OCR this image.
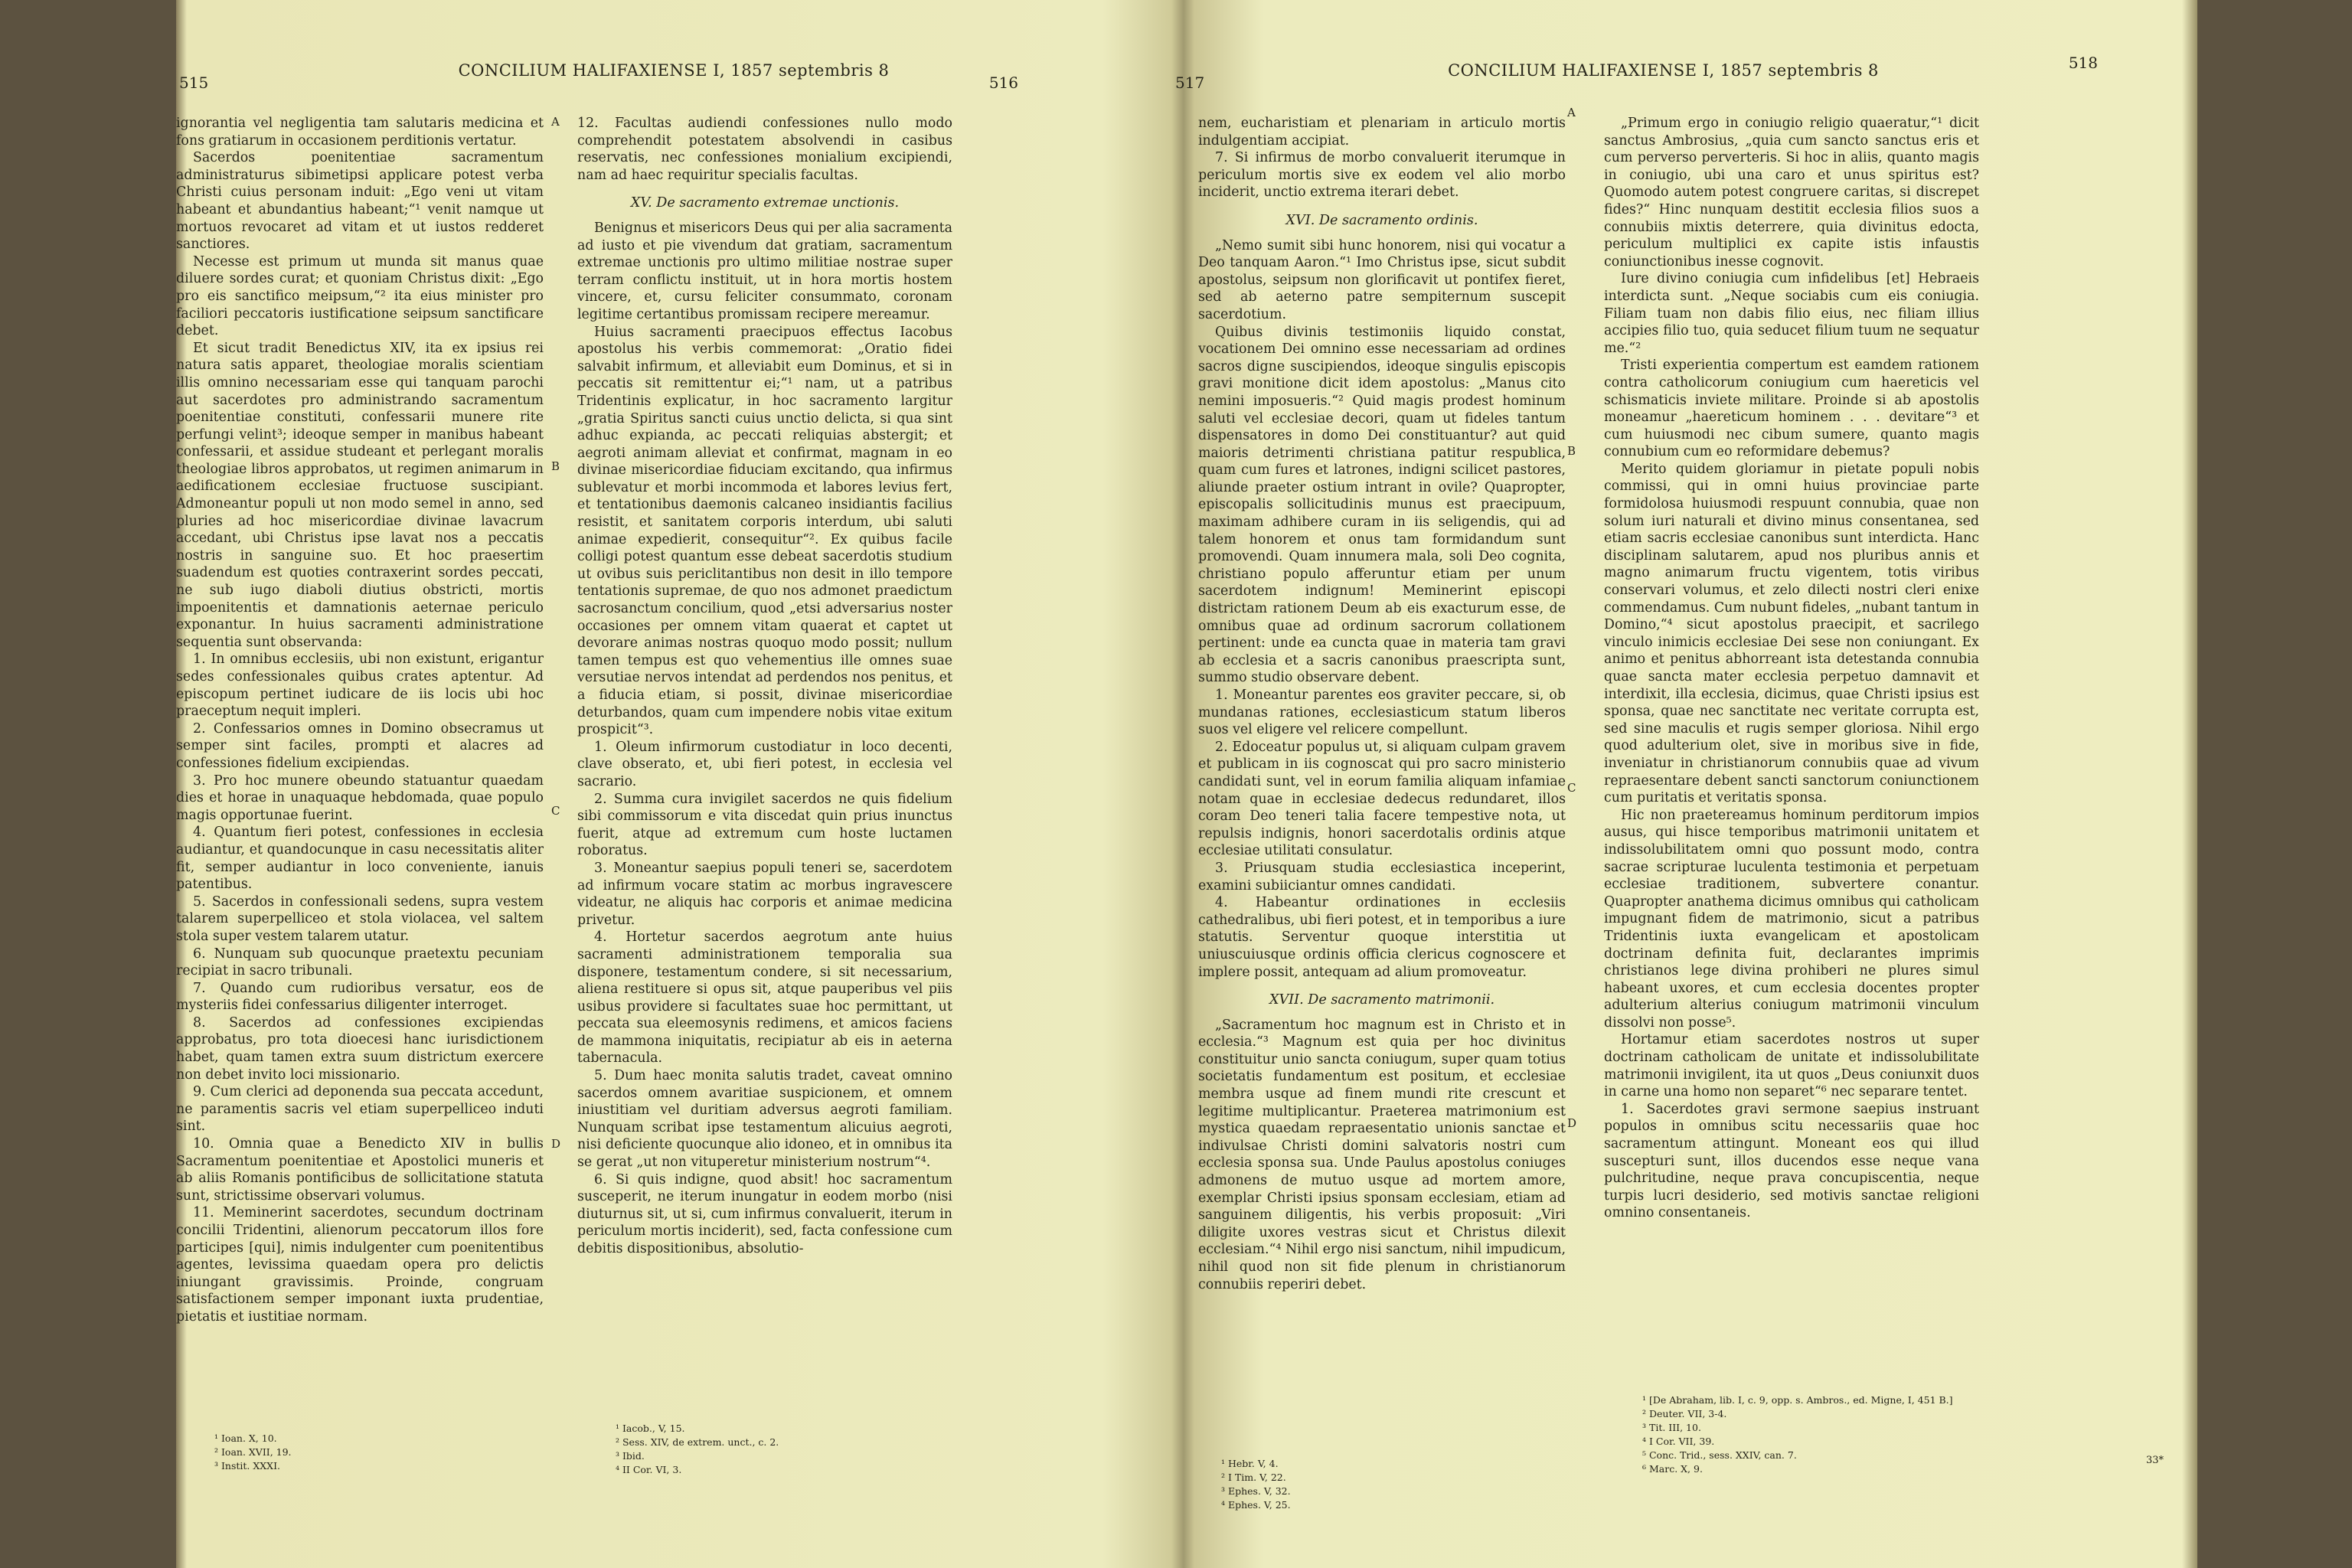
515
CONCILIUM HALIFAXIENSE I, 1857 septembris 8
516

ignorantia vel negligentia tam salutaris medicina et fons gratiarum in occasionem perditionis vertatur.

Sacerdos poenitentiae sacramentum administraturus sibimetipsi applicare potest verba Christi cuius personam induit: „Ego veni ut vitam habeant et abundantius habeant;“¹ venit namque ut mortuos revocaret ad vitam et ut iustos redderet sanctiores.

Necesse est primum ut munda sit manus quae diluere sordes curat; et quoniam Christus dixit: „Ego pro eis sanctifico meipsum,“² ita eius minister pro faciliori peccatoris iustificatione seipsum sanctificare debet.

Et sicut tradit Benedictus XIV, ita ex ipsius rei natura satis apparet, theologiae moralis scientiam illis omnino necessariam esse qui tanquam parochi aut sacerdotes pro administrando sacramentum poenitentiae constituti, confessarii munere rite perfungi velint³; ideoque semper in manibus habeant confessarii, et assidue studeant et perlegant moralis theologiae libros approbatos, ut regimen animarum in aedificationem ecclesiae fructuose suscipiant. Admoneantur populi ut non modo semel in anno, sed pluries ad hoc misericordiae divinae lavacrum accedant, ubi Christus ipse lavat nos a peccatis nostris in sanguine suo. Et hoc praesertim suadendum est quoties contraxerint sordes peccati, ne sub iugo diaboli diutius obstricti, mortis impoenitentis et damnationis aeternae periculo exponantur. In huius sacramenti administratione sequentia sunt observanda:

1. In omnibus ecclesiis, ubi non existunt, erigantur sedes confessionales quibus crates aptentur. Ad episcopum pertinet iudicare de iis locis ubi hoc praeceptum nequit impleri.

2. Confessarios omnes in Domino obsecramus ut semper sint faciles, prompti et alacres ad confessiones fidelium excipiendas.

3. Pro hoc munere obeundo statuantur quaedam dies et horae in unaquaque hebdomada, quae populo magis opportunae fuerint.

4. Quantum fieri potest, confessiones in ecclesia audiantur, et quandocunque in casu necessitatis aliter fit, semper audiantur in loco conveniente, ianuis patentibus.

5. Sacerdos in confessionali sedens, supra vestem talarem superpelliceo et stola violacea, vel saltem stola super vestem talarem utatur.

6. Nunquam sub quocunque praetextu pecuniam recipiat in sacro tribunali.

7. Quando cum rudioribus versatur, eos de mysteriis fidei confessarius diligenter interroget.

8. Sacerdos ad confessiones excipiendas approbatus, pro tota dioecesi hanc iurisdictionem habet, quam tamen extra suum districtum exercere non debet invito loci missionario.

9. Cum clerici ad deponenda sua peccata accedunt, ne paramentis sacris vel etiam superpelliceo induti sint.

10. Omnia quae a Benedicto XIV in bullis Sacramentum poenitentiae et Apostolici muneris et ab aliis Romanis pontificibus de sollicitatione statuta sunt, strictissime observari volumus.

11. Meminerint sacerdotes, secundum doctrinam concilii Tridentini, alienorum peccatorum illos fore participes [qui], nimis indulgenter cum poenitentibus agentes, levissima quaedam opera pro delictis iniungant gravissimis. Proinde, congruam satisfactionem semper imponant iuxta prudentiae, pietatis et iustitiae normam.

A
B
C
D

12. Facultas audiendi confessiones nullo modo comprehendit potestatem absolvendi in casibus reservatis, nec confessiones monialium excipiendi, nam ad haec requiritur specialis facultas.

XV. De sacramento extremae unctionis.

Benignus et misericors Deus qui per alia sacramenta ad iusto et pie vivendum dat gratiam, sacramentum extremae unctionis pro ultimo militiae nostrae super terram conflictu instituit, ut in hora mortis hostem vincere, et, cursu feliciter consummato, coronam legitime certantibus promissam recipere mereamur.

Huius sacramenti praecipuos effectus Iacobus apostolus his verbis commemorat: „Oratio fidei salvabit infirmum, et alleviabit eum Dominus, et si in peccatis sit remittentur ei;“¹ nam, ut a patribus Tridentinis explicatur, in hoc sacramento largitur „gratia Spiritus sancti cuius unctio delicta, si qua sint adhuc expianda, ac peccati reliquias abstergit; et aegroti animam alleviat et confirmat, magnam in eo divinae misericordiae fiduciam excitando, qua infirmus sublevatur et morbi incommoda et labores levius fert, et tentationibus daemonis calcaneo insidiantis facilius resistit, et sanitatem corporis interdum, ubi saluti animae expedierit, consequitur“². Ex quibus facile colligi potest quantum esse debeat sacerdotis studium ut ovibus suis periclitantibus non desit in illo tempore tentationis supremae, de quo nos admonet praedictum sacrosanctum concilium, quod „etsi adversarius noster occasiones per omnem vitam quaerat et captet ut devorare animas nostras quoquo modo possit; nullum tamen tempus est quo vehementius ille omnes suae versutiae nervos intendat ad perdendos nos penitus, et a fiducia etiam, si possit, divinae misericordiae deturbandos, quam cum impendere nobis vitae exitum prospicit“³.

1. Oleum infirmorum custodiatur in loco decenti, clave obserato, et, ubi fieri potest, in ecclesia vel sacrario.

2. Summa cura invigilet sacerdos ne quis fidelium sibi commissorum e vita discedat quin prius inunctus fuerit, atque ad extremum cum hoste luctamen roboratus.

3. Moneantur saepius populi teneri se, sacerdotem ad infirmum vocare statim ac morbus ingravescere videatur, ne aliquis hac corporis et animae medicina privetur.

4. Hortetur sacerdos aegrotum ante huius sacramenti administrationem temporalia sua disponere, testamentum condere, si sit necessarium, aliena restituere si opus sit, atque pauperibus vel piis usibus providere si facultates suae hoc permittant, ut peccata sua eleemosynis redimens, et amicos faciens de mammona iniquitatis, recipiatur ab eis in aeterna tabernacula.

5. Dum haec monita salutis tradet, caveat omnino sacerdos omnem avaritiae suspicionem, et omnem iniustitiam vel duritiam adversus aegroti familiam. Nunquam scribat ipse testamentum alicuius aegroti, nisi deficiente quocunque alio idoneo, et in omnibus ita se gerat „ut non vituperetur ministerium nostrum“⁴.

6. Si quis indigne, quod absit! hoc sacramentum susceperit, ne iterum inungatur in eodem morbo (nisi diuturnus sit, ut si, cum infirmus convaluerit, iterum in periculum mortis inciderit), sed, facta confessione cum debitis dispositionibus, absolutio-

¹ Ioan. X, 10.
² Ioan. XVII, 19.
³ Instit. XXXI.
¹ Iacob., V, 15.
² Sess. XIV, de extrem. unct., c. 2.
³ Ibid.
⁴ II Cor. VI, 3.
517
CONCILIUM HALIFAXIENSE I, 1857 septembris 8	518

nem, eucharistiam et plenariam in articulo mortis indulgentiam accipiat.

7. Si infirmus de morbo convaluerit iterumque in periculum mortis sive ex eodem vel alio morbo inciderit, unctio extrema iterari debet.

XVI. De sacramento ordinis.

„Nemo sumit sibi hunc honorem, nisi qui vocatur a Deo tanquam Aaron.“¹ Imo Christus ipse, sicut subdit apostolus, seipsum non glorificavit ut pontifex fieret, sed ab aeterno patre sempiternum suscepit sacerdotium.

Quibus divinis testimoniis liquido constat, vocationem Dei omnino esse necessariam ad ordines sacros digne suscipiendos, ideoque singulis episcopis gravi monitione dicit idem apostolus: „Manus cito nemini imposueris.“² Quid magis prodest hominum saluti vel ecclesiae decori, quam ut fideles tantum dispensatores in domo Dei constituantur? aut quid maioris detrimenti christiana patitur respublica, quam cum fures et latrones, indigni scilicet pastores, aliunde praeter ostium intrant in ovile? Quapropter, episcopalis sollicitudinis munus est praecipuum, maximam adhibere curam in iis seligendis, qui ad talem honorem et onus tam formidandum sunt promovendi. Quam innumera mala, soli Deo cognita, christiano populo afferuntur etiam per unum sacerdotem indignum! Meminerint episcopi districtam rationem Deum ab eis exacturum esse, de omnibus quae ad ordinum sacrorum collationem pertinent: unde ea cuncta quae in materia tam gravi ab ecclesia et a sacris canonibus praescripta sunt, summo studio observare debent.

1. Moneantur parentes eos graviter peccare, si, ob mundanas rationes, ecclesiasticum statum liberos suos vel eligere vel relicere compellunt.

2. Edoceatur populus ut, si aliquam culpam gravem et publicam in iis cognoscat qui pro sacro ministerio candidati sunt, vel in eorum familia aliquam infamiae notam quae in ecclesiae dedecus redundaret, illos coram Deo teneri talia facere tempestive nota, ut repulsis indignis, honori sacerdotalis ordinis atque ecclesiae utilitati consulatur.

3. Priusquam studia ecclesiastica inceperint, examini subiiciantur omnes candidati.

4. Habeantur ordinationes in ecclesiis cathedralibus, ubi fieri potest, et in temporibus a iure statutis. Serventur quoque interstitia ut uniuscuiusque ordinis officia clericus cognoscere et implere possit, antequam ad alium promoveatur.

XVII. De sacramento matrimonii.

„Sacramentum hoc magnum est in Christo et in ecclesia.“³ Magnum est quia per hoc divinitus constituitur unio sancta coniugum, super quam totius societatis fundamentum est positum, et ecclesiae membra usque ad finem mundi rite crescunt et legitime multiplicantur. Praeterea matrimonium est mystica quaedam repraesentatio unionis sanctae et indivulsae Christi domini salvatoris nostri cum ecclesia sponsa sua. Unde Paulus apostolus coniuges admonens de mutuo usque ad mortem amore, exemplar Christi ipsius sponsam ecclesiam, etiam ad sanguinem diligentis, his verbis proposuit: „Viri diligite uxores vestras sicut et Christus dilexit ecclesiam.“⁴ Nihil ergo nisi sanctum, nihil impudicum, nihil quod non sit fide plenum in christianorum connubiis reperiri debet.

A
B
C
D

„Primum ergo in coniugio religio quaeratur,“¹ dicit sanctus Ambrosius, „quia cum sancto sanctus eris et cum perverso perverteris. Si hoc in aliis, quanto magis in coniugio, ubi una caro et unus spiritus est? Quomodo autem potest congruere caritas, si discrepet fides?“ Hinc nunquam destitit ecclesia filios suos a connubiis mixtis deterrere, quia divinitus edocta, periculum multiplici ex capite istis infaustis coniunctionibus inesse cognovit.

Iure divino coniugia cum infidelibus [et] Hebraeis interdicta sunt. „Neque sociabis cum eis coniugia. Filiam tuam non dabis filio eius, nec filiam illius accipies filio tuo, quia seducet filium tuum ne sequatur me.“²

Tristi experientia compertum est eamdem rationem contra catholicorum coniugium cum haereticis vel schismaticis inviete militare. Proinde si ab apostolis moneamur „haereticum hominem . . . devitare“³ et cum huiusmodi nec cibum sumere, quanto magis connubium cum eo reformidare debemus?

Merito quidem gloriamur in pietate populi nobis commissi, qui in omni huius provinciae parte formidolosa huiusmodi respuunt connubia, quae non solum iuri naturali et divino minus consentanea, sed etiam sacris ecclesiae canonibus sunt interdicta. Hanc disciplinam salutarem, apud nos pluribus annis et magno animarum fructu vigentem, totis viribus conservari volumus, et zelo dilecti nostri cleri enixe commendamus. Cum nubunt fideles, „nubant tantum in Domino,“⁴ sicut apostolus praecipit, et sacrilego vinculo inimicis ecclesiae Dei sese non coniungant. Ex animo et penitus abhorreant ista detestanda connubia quae sancta mater ecclesia perpetuo damnavit et interdixit, illa ecclesia, dicimus, quae Christi ipsius est sponsa, quae nec sanctitate nec veritate corrupta est, sed sine maculis et rugis semper gloriosa. Nihil ergo quod adulterium olet, sive in moribus sive in fide, inveniatur in christianorum connubiis quae ad vivum repraesentare debent sancti sanctorum coniunctionem cum puritatis et veritatis sponsa.

Hic non praetereamus hominum perditorum impios ausus, qui hisce temporibus matrimonii unitatem et indissolubilitatem omni quo possunt modo, contra sacrae scripturae luculenta testimonia et perpetuam ecclesiae traditionem, subvertere conantur. Quapropter anathema dicimus omnibus qui catholicam impugnant fidem de matrimonio, sicut a patribus Tridentinis iuxta evangelicam et apostolicam doctrinam definita fuit, declarantes imprimis christianos lege divina prohiberi ne plures simul habeant uxores, et cum ecclesia docentes propter adulterium alterius coniugum matrimonii vinculum dissolvi non posse⁵.

Hortamur etiam sacerdotes nostros ut super doctrinam catholicam de unitate et indissolubilitate matrimonii invigilent, ita ut quos „Deus coniunxit duos in carne una homo non separet“⁶ nec separare tentet.

1. Sacerdotes gravi sermone saepius instruant populos in omnibus scitu necessariis quae hoc sacramentum attingunt. Moneant eos qui illud suscepturi sunt, illos ducendos esse neque vana pulchritudine, neque prava concupiscentia, neque turpis lucri desiderio, sed motivis sanctae religioni omnino consentaneis.

¹ Hebr. V, 4.
² I Tim. V, 22.
³ Ephes. V, 32.
⁴ Ephes. V, 25.
¹ [De Abraham, lib. I, c. 9, opp. s. Ambros., ed. Migne, I, 451 B.]
² Deuter. VII, 3-4.
³ Tit. III, 10.
⁴ I Cor. VII, 39.
⁵ Conc. Trid., sess. XXIV, can. 7.
⁶ Marc. X, 9.
33*
